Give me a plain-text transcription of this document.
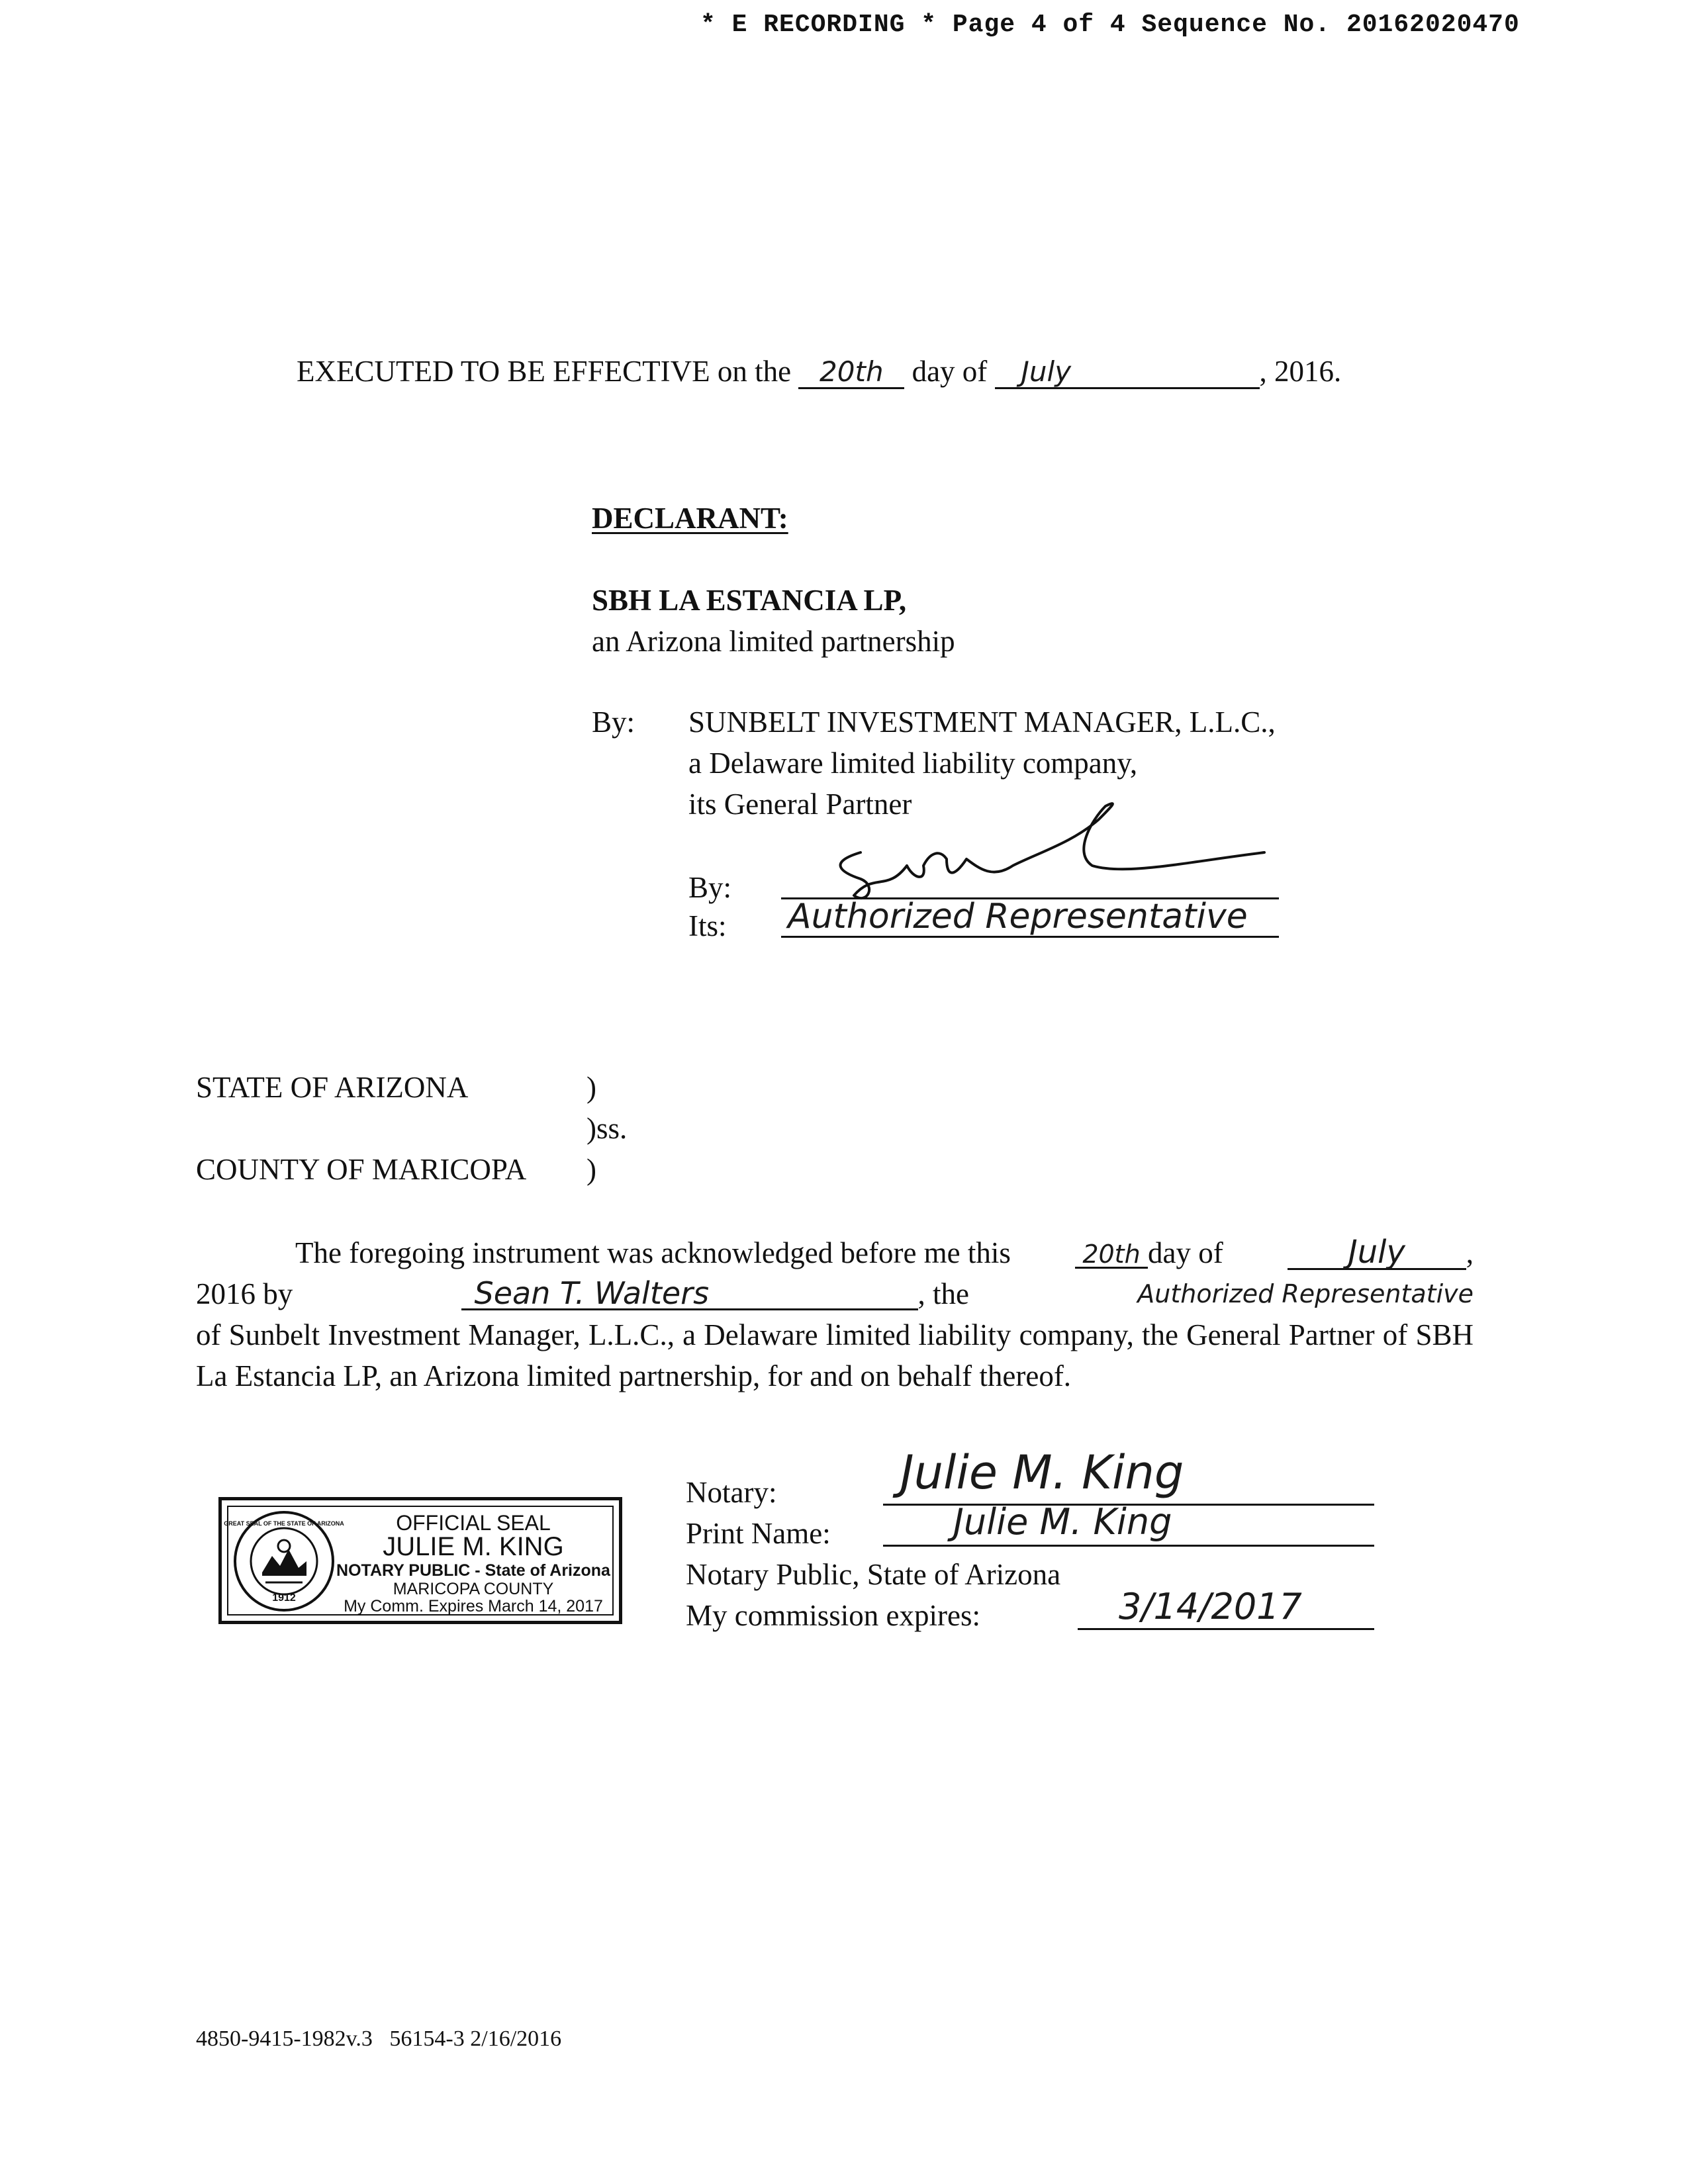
* E RECORDING * Page 4 of 4 Sequence No. 20162020470
EXECUTED TO BE EFFECTIVE on the 20th day of July	, 2016.
DECLARANT:
SBH LA ESTANCIA LP,
an Arizona limited partnership
By: SUNBELT INVESTMENT MANAGER, L.L.C.,
a Delaware limited liability company,
its General Partner
By:
Its: Authorized Representative
STATE OF ARIZONA	)
)ss.
COUNTY OF MARICOPA )
The foregoing instrument was acknowledged before me this	20th day of	July ,
2016 by	Sean T. Walters	, the	Authorized Representative
of Sunbelt Investment Manager, L.L.C., a Delaware limited liability company, the General Partner of SBH La Estancia LP, an Arizona limited partnership, for and on behalf thereof.
1912
GREAT SEAL OF THE STATE OF ARIZONA	OFFICIAL SEAL
JULIE M. KING
NOTARY PUBLIC - State of Arizona
MARICOPA COUNTY
My Comm. Expires March 14, 2017
Notary:	Julie M. King
Print Name:	Julie M. King
Notary Public, State of Arizona
My commission expires:	3/14/2017
4850-9415-1982v.3   56154-3 2/16/2016
